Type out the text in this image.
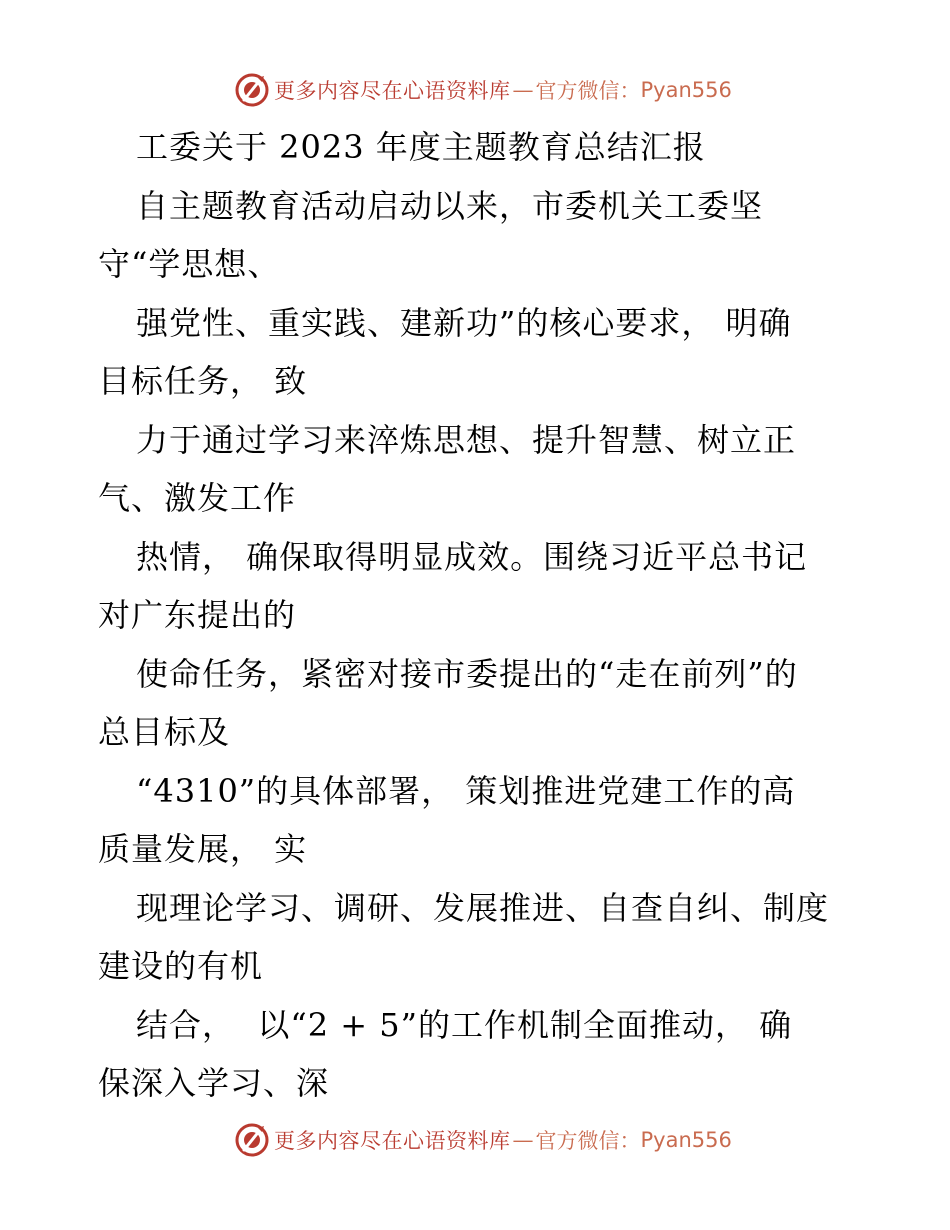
更多内容尽在心语资料库 — 官方微信： Pyan556
工委关于 2023 年度主题教育总结汇报
自主题教育活动启动以来，市委机关工委坚
守“学思想、
强党性、重实践、建新功”的核心要求， 明确
目标任务， 致
力于通过学习来淬炼思想、提升智慧、树立正
气、激发工作
热情， 确保取得明显成效。围绕习近平总书记
对广东提出的
使命任务，紧密对接市委提出的“走在前列”的
总目标及
“4310”的具体部署， 策划推进党建工作的高
质量发展， 实
现理论学习、调研、发展推进、自查自纠、制度
建设的有机
结合，  以“2 + 5”的工作机制全面推动， 确
保深入学习、深
更多内容尽在心语资料库 — 官方微信： Pyan556
